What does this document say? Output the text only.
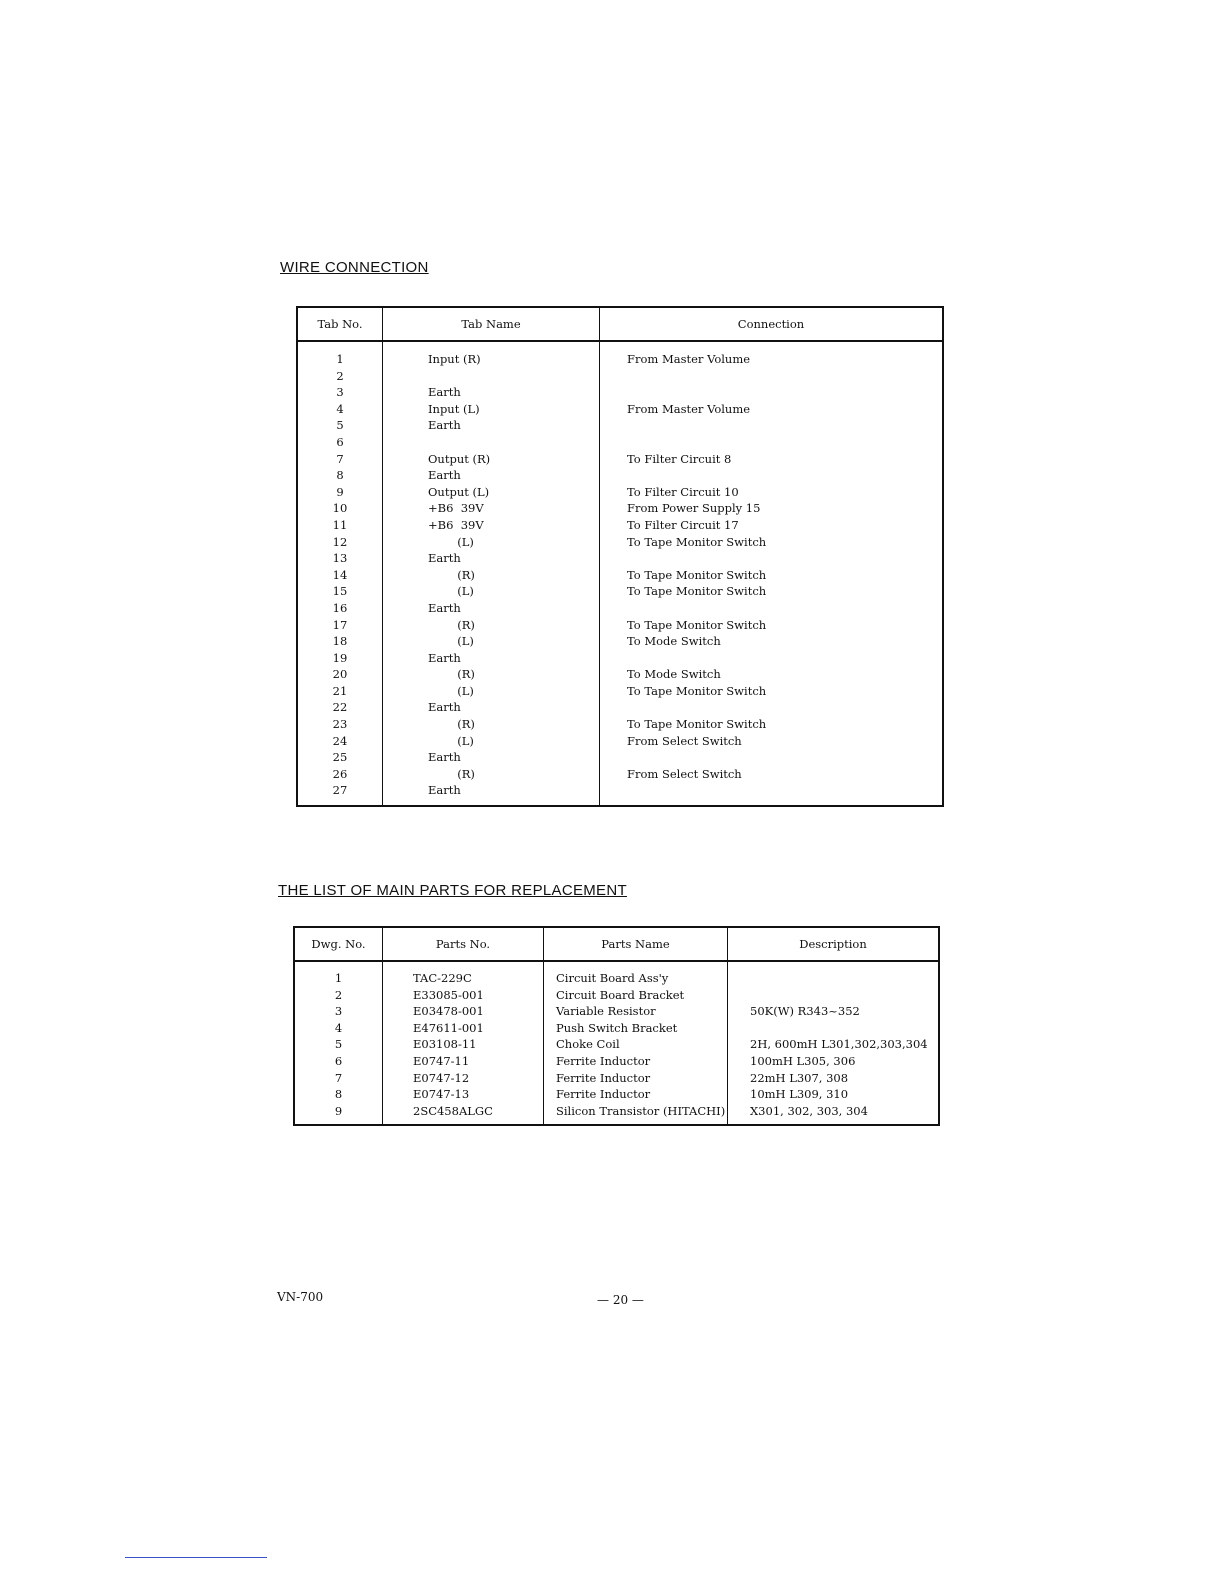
WIRE CONNECTION
Tab No.	Tab Name	Connection
1	Input (R)	From Master Volume
2		
3	Earth	
4	Input (L)	From Master Volume
5	Earth	
6		
7	Output (R)	To Filter Circuit 8
8	Earth	
9	Output (L)	To Filter Circuit 10
10	+B6  39V	From Power Supply 15
11	+B6  39V	To Filter Circuit 17
12	(L)	To Tape Monitor Switch
13	Earth	
14	(R)	To Tape Monitor Switch
15	(L)	To Tape Monitor Switch
16	Earth	
17	(R)	To Tape Monitor Switch
18	(L)	To Mode Switch
19	Earth	
20	(R)	To Mode Switch
21	(L)	To Tape Monitor Switch
22	Earth	
23	(R)	To Tape Monitor Switch
24	(L)	From Select Switch
25	Earth	
26	(R)	From Select Switch
27	Earth	
THE LIST OF MAIN PARTS FOR REPLACEMENT
Dwg. No.	Parts No.	Parts Name	Description
1	TAC-229C	Circuit Board Ass'y	
2	E33085-001	Circuit Board Bracket	
3	E03478-001	Variable Resistor	50K(W) R343~352
4	E47611-001	Push Switch Bracket	
5	E03108-11	Choke Coil	2H, 600mH L301,302,303,304
6	E0747-11	Ferrite Inductor	100mH L305, 306
7	E0747-12	Ferrite Inductor	22mH L307, 308
8	E0747-13	Ferrite Inductor	10mH L309, 310
9	2SC458ALGC	Silicon Transistor (HITACHI)	X301, 302, 303, 304
VN-700	— 20 —
